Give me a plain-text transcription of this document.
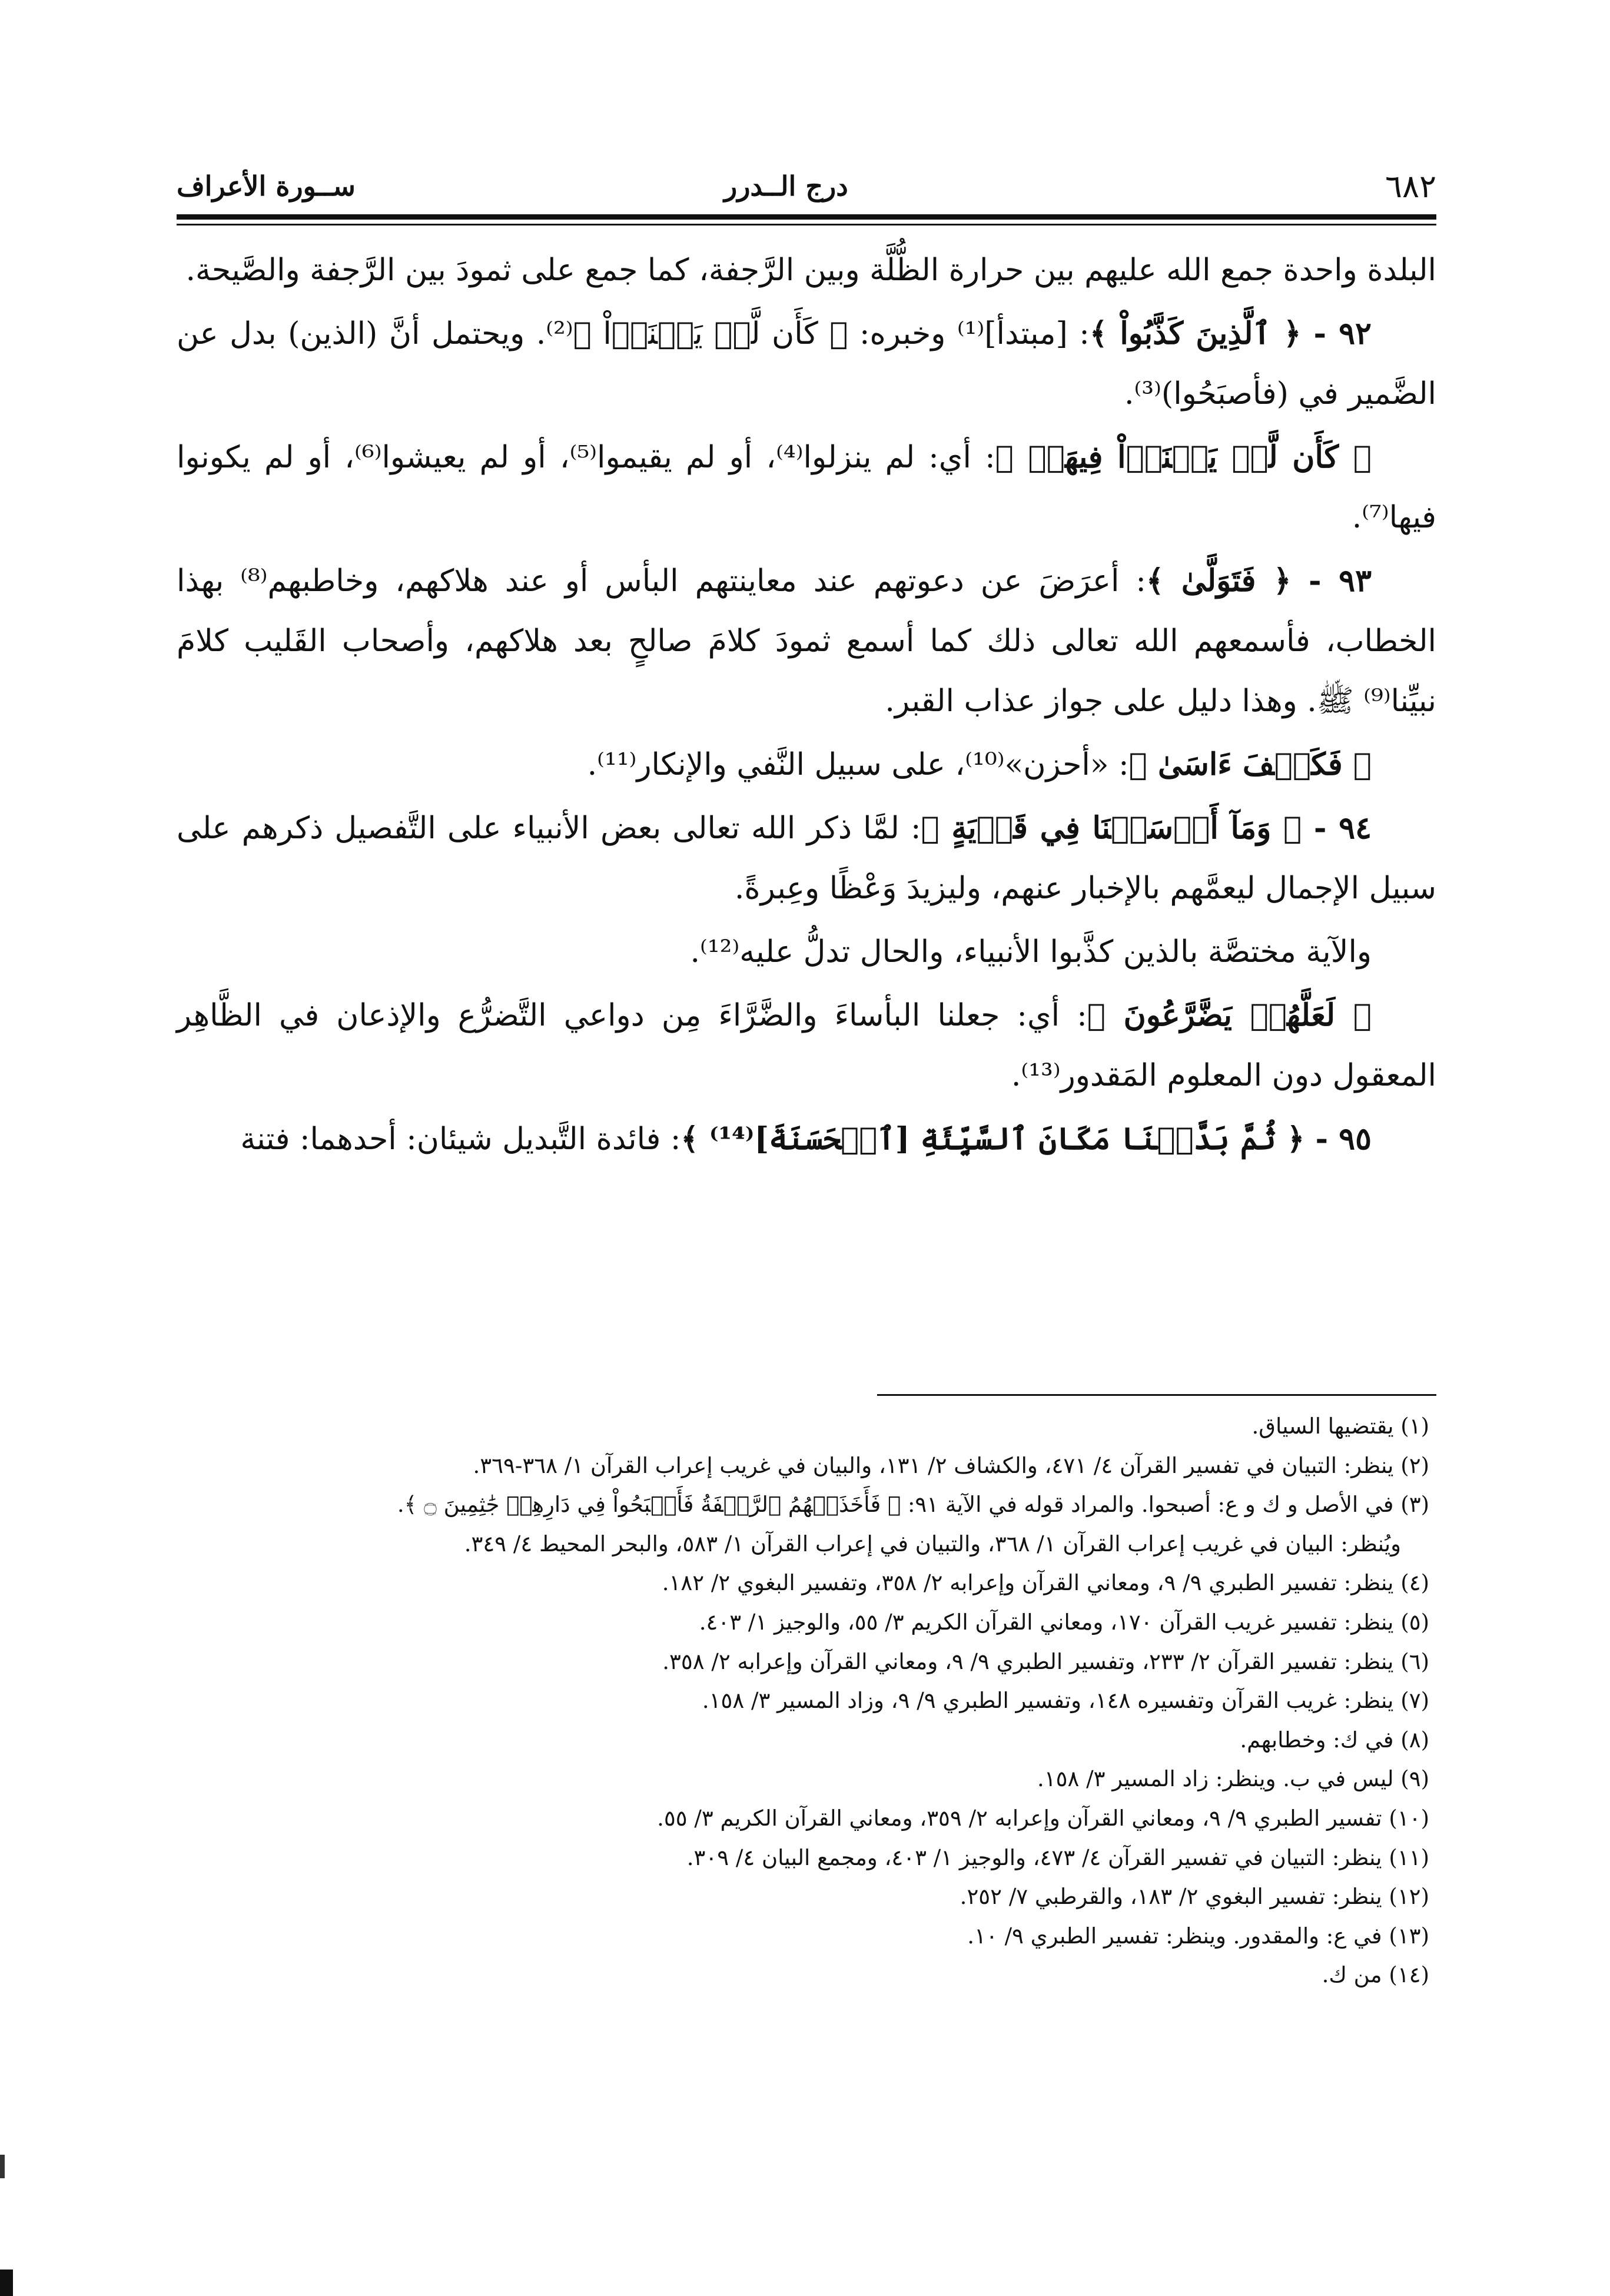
٦٨٢
درج الــدرر
ســورة الأعراف

البلدة واحدة جمع الله عليهم بين حرارة الظُّلَّة وبين الرَّجفة، كما جمع على ثمودَ بين الرَّجفة والصَّيحة.

٩٢ - ﴿ ٱلَّذِينَ كَذَّبُواْ ﴾: [مبتدأ]⁽¹⁾ وخبره: ﴿ كَأَن لَّمۡ يَغۡنَوۡاْ ﴾⁽²⁾. ويحتمل أنَّ (الذين) بدل عن الضَّمير في (فأصبَحُوا)⁽³⁾.

﴿ كَأَن لَّمۡ يَغۡنَوۡاْ فِيهَاۚ ﴾: أي: لم ينزلوا⁽⁴⁾، أو لم يقيموا⁽⁵⁾، أو لم يعيشوا⁽⁶⁾، أو لم يكونوا فيها⁽⁷⁾.

٩٣ - ﴿ فَتَوَلَّىٰ ﴾: أعرَضَ عن دعوتهم عند معاينتهم البأس أو عند هلاكهم، وخاطبهم⁽⁸⁾ بهذا الخطاب، فأسمعهم الله تعالى ذلك كما أسمع ثمودَ كلامَ صالحٍ بعد هلاكهم، وأصحاب القَليب كلامَ نبيِّنا⁽⁹⁾ ﷺ. وهذا دليل على جواز عذاب القبر.

﴿ فَكَيۡفَ ءَاسَىٰ ﴾: «أحزن»⁽¹⁰⁾، على سبيل النَّفي والإنكار⁽¹¹⁾.

٩٤ - ﴿ وَمَآ أَرۡسَلۡنَا فِي قَرۡيَةٍ ﴾: لمَّا ذكر الله تعالى بعض الأنبياء على التَّفصيل ذكرهم على سبيل الإجمال ليعمَّهم بالإخبار عنهم، وليزيدَ وَعْظًا وعِبرةً.

والآية مختصَّة بالذين كذَّبوا الأنبياء، والحال تدلُّ عليه⁽¹²⁾.

﴿ لَعَلَّهُمۡ يَضَّرَّعُونَ ﴾: أي: جعلنا البأساءَ والضَّرَّاءَ مِن دواعي التَّضرُّع والإذعان في الظَّاهِر المعقول دون المعلوم المَقدور⁽¹³⁾.

٩٥ - ﴿ ثُمَّ بَدَّلۡنَا مَكَانَ ٱلسَّيِّئَةِ [ٱلۡحَسَنَةَ]⁽¹⁴⁾ ﴾: فائدة التَّبديل شيئان: أحدهما: فتنة

(١) يقتضيها السياق.

(٢) ينظر: التبيان في تفسير القرآن ٤/ ٤٧١، والكشاف ٢/ ١٣١، والبيان في غريب إعراب القرآن ١/ ٣٦٨-٣٦٩.

(٣) في الأصل و ك و ع: أصبحوا. والمراد قوله في الآية ٩١: ﴿ فَأَخَذَتۡهُمُ ٱلرَّجۡفَةُ فَأَصۡبَحُواْ فِي دَارِهِمۡ جَٰثِمِينَ ۝ ﴾.

ويُنظر: البيان في غريب إعراب القرآن ١/ ٣٦٨، والتبيان في إعراب القرآن ١/ ٥٨٣، والبحر المحيط ٤/ ٣٤٩.

(٤) ينظر: تفسير الطبري ٩/ ٩، ومعاني القرآن وإعرابه ٢/ ٣٥٨، وتفسير البغوي ٢/ ١٨٢.

(٥) ينظر: تفسير غريب القرآن ١٧٠، ومعاني القرآن الكريم ٣/ ٥٥، والوجيز ١/ ٤٠٣.

(٦) ينظر: تفسير القرآن ٢/ ٢٣٣، وتفسير الطبري ٩/ ٩، ومعاني القرآن وإعرابه ٢/ ٣٥٨.

(٧) ينظر: غريب القرآن وتفسيره ١٤٨، وتفسير الطبري ٩/ ٩، وزاد المسير ٣/ ١٥٨.

(٨) في ك: وخطابهم.

(٩) ليس في ب. وينظر: زاد المسير ٣/ ١٥٨.

(١٠) تفسير الطبري ٩/ ٩، ومعاني القرآن وإعرابه ٢/ ٣٥٩، ومعاني القرآن الكريم ٣/ ٥٥.

(١١) ينظر: التبيان في تفسير القرآن ٤/ ٤٧٣، والوجيز ١/ ٤٠٣، ومجمع البيان ٤/ ٣٠٩.

(١٢) ينظر: تفسير البغوي ٢/ ١٨٣، والقرطبي ٧/ ٢٥٢.

(١٣) في ع: والمقدور. وينظر: تفسير الطبري ٩/ ١٠.

(١٤) من ك.
